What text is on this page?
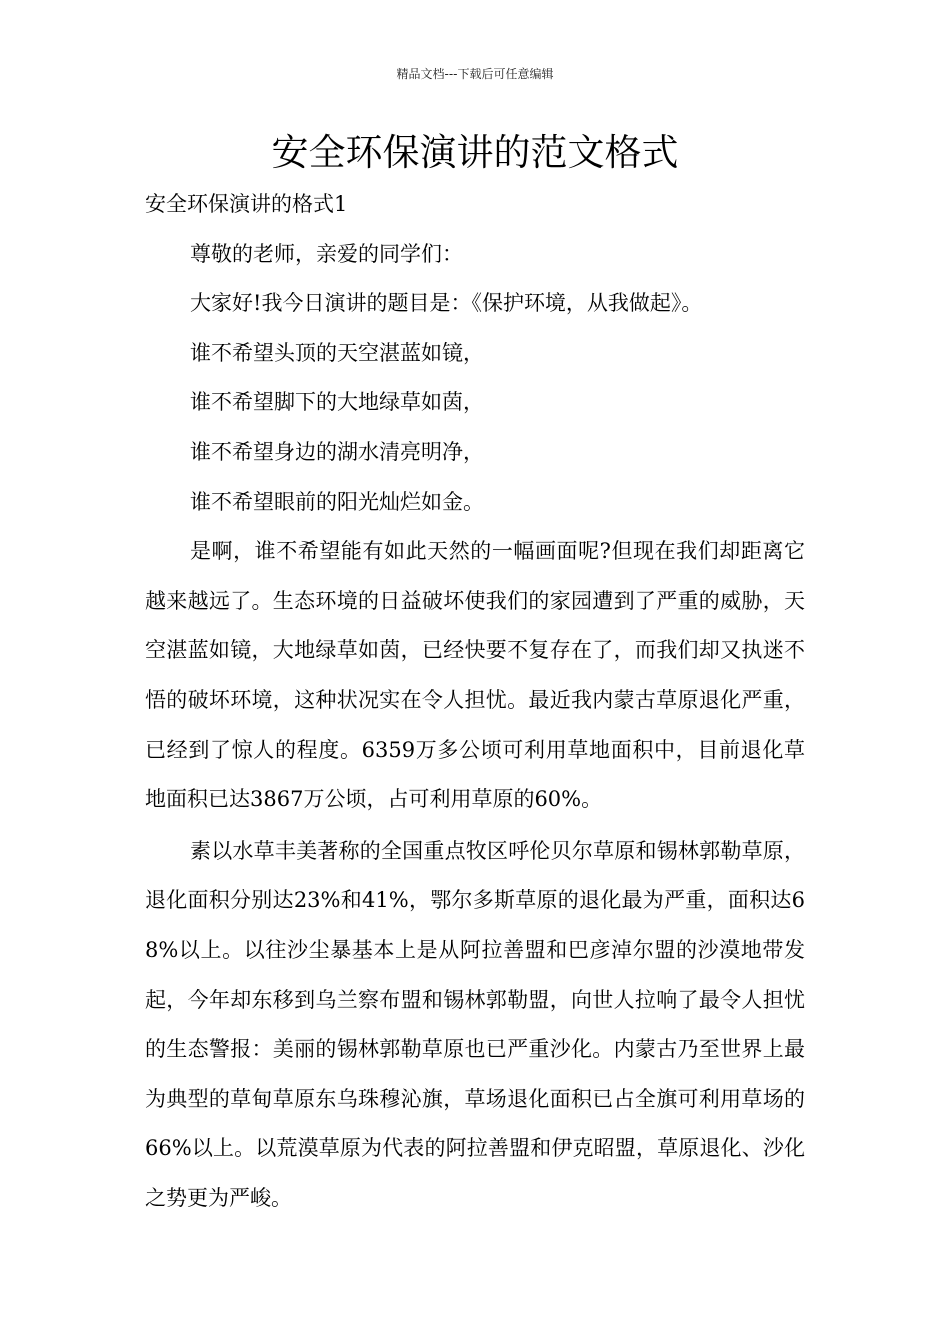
精品文档---下载后可任意编辑
安全环保演讲的范文格式

安全环保演讲的格式1

尊敬的老师，亲爱的同学们：

大家好!我今日演讲的题目是：《保护环境，从我做起》。

谁不希望头顶的天空湛蓝如镜，

谁不希望脚下的大地绿草如茵，

谁不希望身边的湖水清亮明净，

谁不希望眼前的阳光灿烂如金。

是啊，谁不希望能有如此天然的一幅画面呢?但现在我们却距离它越来越远了。生态环境的日益破坏使我们的家园遭到了严重的威胁，天空湛蓝如镜，大地绿草如茵，已经快要不复存在了，而我们却又执迷不悟的破坏环境，这种状况实在令人担忧。最近我内蒙古草原退化严重，已经到了惊人的程度。6359万多公顷可利用草地面积中，目前退化草地面积已达3867万公顷，占可利用草原的60%。

素以水草丰美著称的全国重点牧区呼伦贝尔草原和锡林郭勒草原，退化面积分别达23%和41%，鄂尔多斯草原的退化最为严重，面积达68%以上。以往沙尘暴基本上是从阿拉善盟和巴彦淖尔盟的沙漠地带发起，今年却东移到乌兰察布盟和锡林郭勒盟，向世人拉响了最令人担忧的生态警报：美丽的锡林郭勒草原也已严重沙化。内蒙古乃至世界上最为典型的草甸草原东乌珠穆沁旗，草场退化面积已占全旗可利用草场的66%以上。以荒漠草原为代表的阿拉善盟和伊克昭盟，草原退化、沙化之势更为严峻。
